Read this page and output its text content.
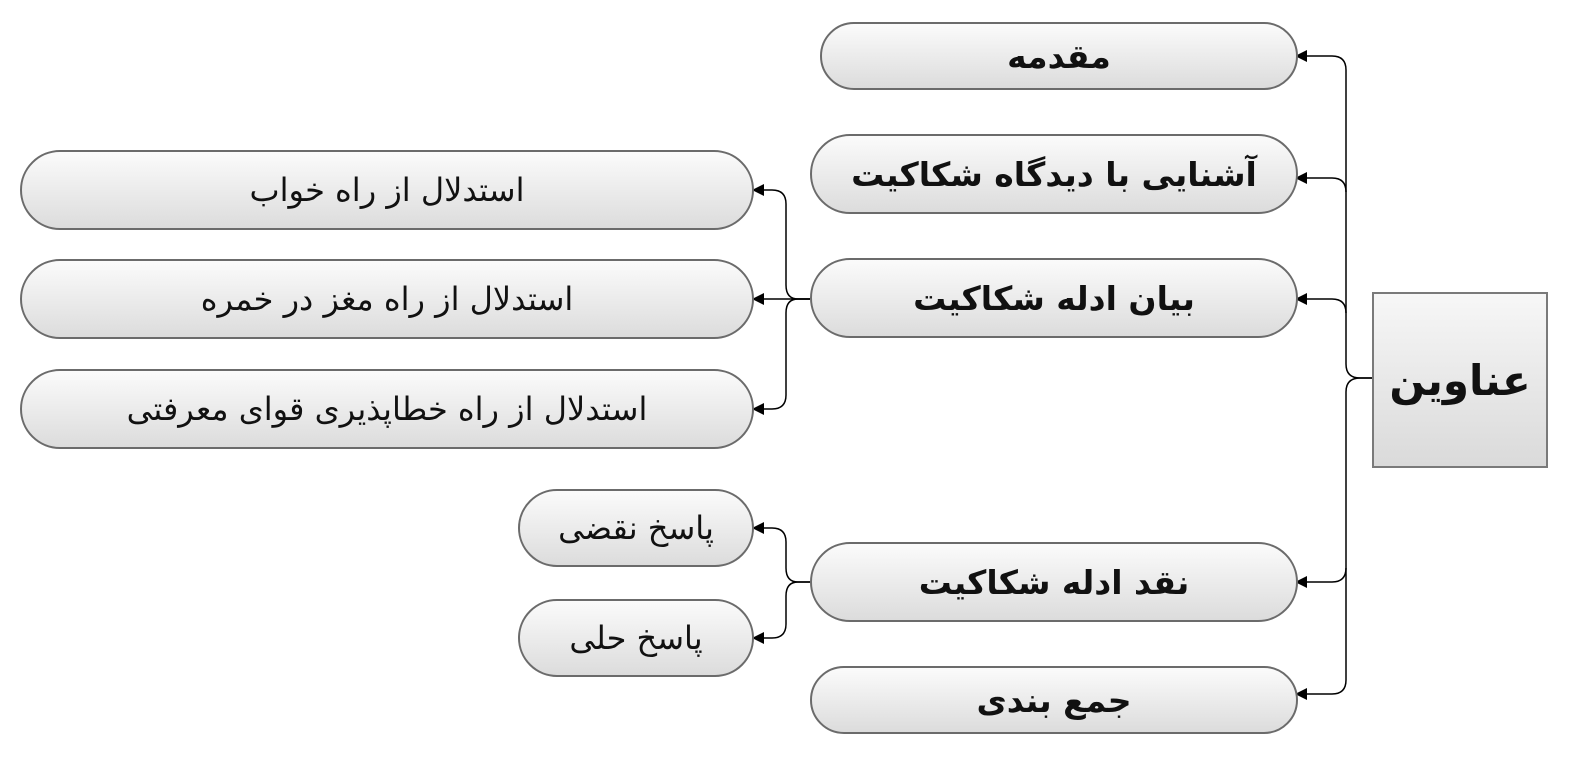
عناوین
مقدمه
آشنایی با دیدگاه شکاکیت
بیان ادله شکاکیت
نقد ادله شکاکیت
جمع بندی
استدلال از راه خواب
استدلال از راه مغز در خمره
استدلال از راه خطاپذیری قوای معرفتی
پاسخ نقضی
پاسخ حلی
